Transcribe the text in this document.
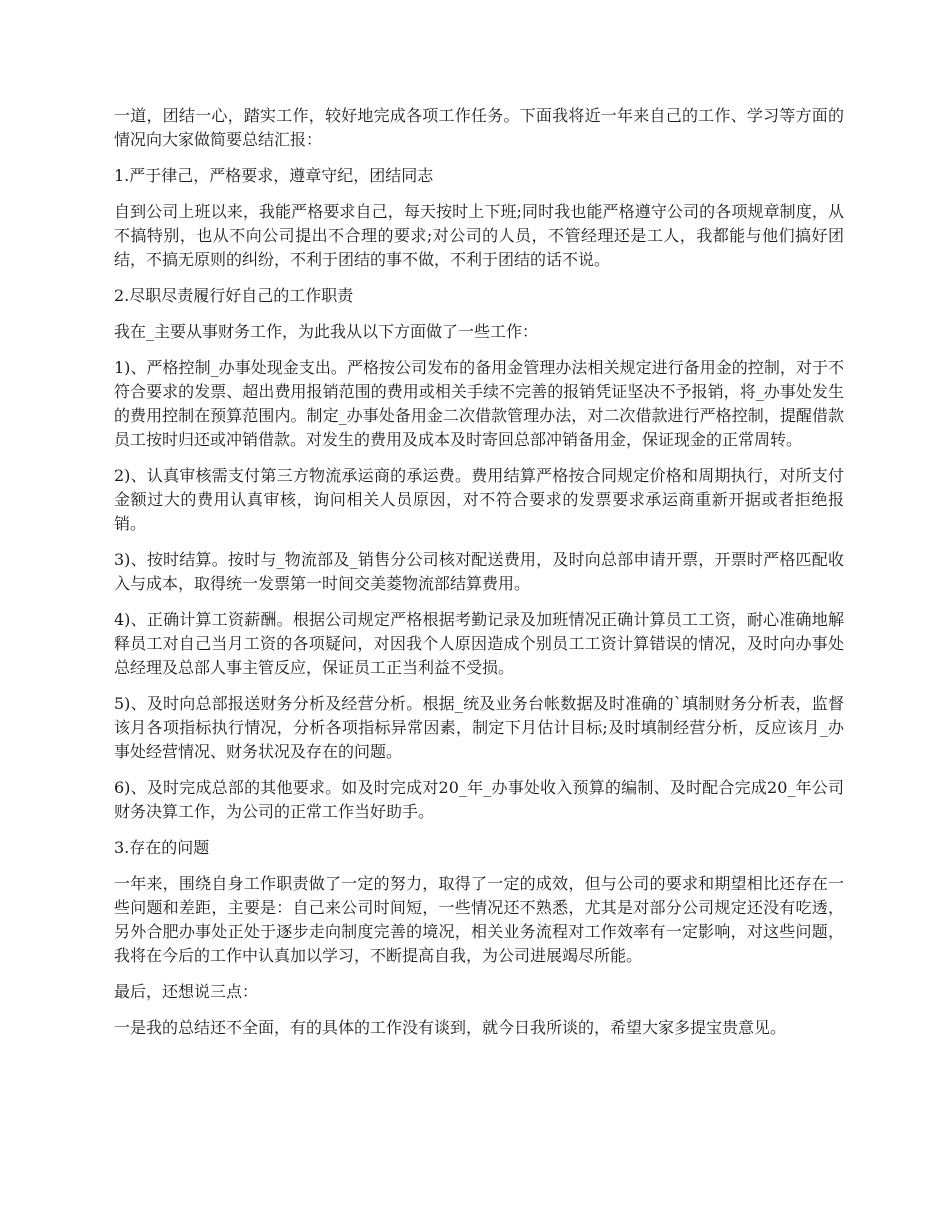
一道，团结一心，踏实工作，较好地完成各项工作任务。下面我将近一年来自己的工作、学习等方面的情况向大家做简要总结汇报：

1.严于律己，严格要求，遵章守纪，团结同志

自到公司上班以来，我能严格要求自己，每天按时上下班;同时我也能严格遵守公司的各项规章制度，从不搞特别，也从不向公司提出不合理的要求;对公司的人员，不管经理还是工人，我都能与他们搞好团结，不搞无原则的纠纷，不利于团结的事不做，不利于团结的话不说。

2.尽职尽责履行好自己的工作职责

我在_主要从事财务工作，为此我从以下方面做了一些工作：

1)、严格控制_办事处现金支出。严格按公司发布的备用金管理办法相关规定进行备用金的控制，对于不符合要求的发票、超出费用报销范围的费用或相关手续不完善的报销凭证坚决不予报销，将_办事处发生的费用控制在预算范围内。制定_办事处备用金二次借款管理办法，对二次借款进行严格控制，提醒借款员工按时归还或冲销借款。对发生的费用及成本及时寄回总部冲销备用金，保证现金的正常周转。

2)、认真审核需支付第三方物流承运商的承运费。费用结算严格按合同规定价格和周期执行，对所支付金额过大的费用认真审核，询问相关人员原因，对不符合要求的发票要求承运商重新开据或者拒绝报销。

3)、按时结算。按时与_物流部及_销售分公司核对配送费用，及时向总部申请开票，开票时严格匹配收入与成本，取得统一发票第一时间交美菱物流部结算费用。

4)、正确计算工资薪酬。根据公司规定严格根据考勤记录及加班情况正确计算员工工资，耐心准确地解释员工对自己当月工资的各项疑问，对因我个人原因造成个别员工工资计算错误的情况，及时向办事处总经理及总部人事主管反应，保证员工正当利益不受损。

5)、及时向总部报送财务分析及经营分析。根据_统及业务台帐数据及时准确的`填制财务分析表，监督该月各项指标执行情况，分析各项指标异常因素，制定下月估计目标;及时填制经营分析，反应该月_办事处经营情况、财务状况及存在的问题。

6)、及时完成总部的其他要求。如及时完成对20_年_办事处收入预算的编制、及时配合完成20_年公司财务决算工作，为公司的正常工作当好助手。

3.存在的问题

一年来，围绕自身工作职责做了一定的努力，取得了一定的成效，但与公司的要求和期望相比还存在一些问题和差距，主要是：自己来公司时间短，一些情况还不熟悉，尤其是对部分公司规定还没有吃透，另外合肥办事处正处于逐步走向制度完善的境况，相关业务流程对工作效率有一定影响，对这些问题，我将在今后的工作中认真加以学习，不断提高自我，为公司进展竭尽所能。

最后，还想说三点：

一是我的总结还不全面，有的具体的工作没有谈到，就今日我所谈的，希望大家多提宝贵意见。
